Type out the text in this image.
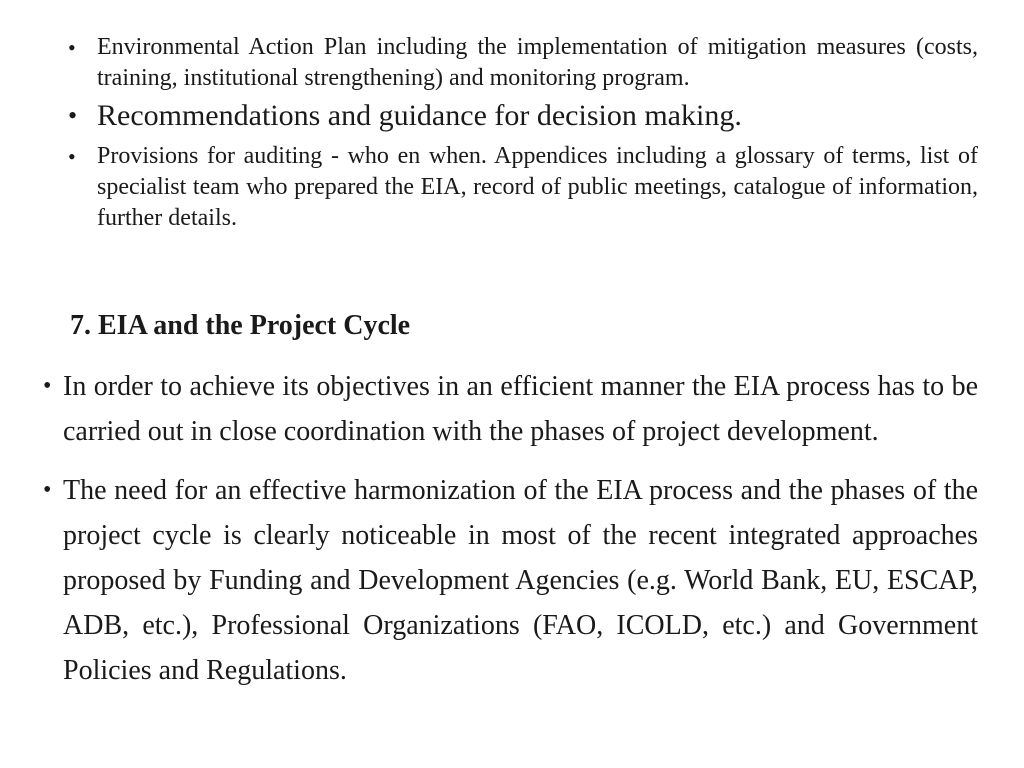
• Environmental Action Plan including the implementation of mitigation measures (costs, training, institutional strengthening) and monitoring program.
• Recommendations and guidance for decision making.
• Provisions for auditing - who en when. Appendices including a glossary of terms, list of specialist team who prepared the EIA, record of public meetings, catalogue of information, further details.
7. EIA and the Project Cycle
• In order to achieve its objectives in an efficient manner the EIA process has to be carried out in close coordination with the phases of project development.
• The need for an effective harmonization of the EIA process and the phases of the project cycle is clearly noticeable in most of the recent integrated approaches proposed by Funding and Development Agencies (e.g. World Bank, EU, ESCAP, ADB, etc.), Professional Organizations (FAO, ICOLD, etc.) and Government Policies and Regulations.
